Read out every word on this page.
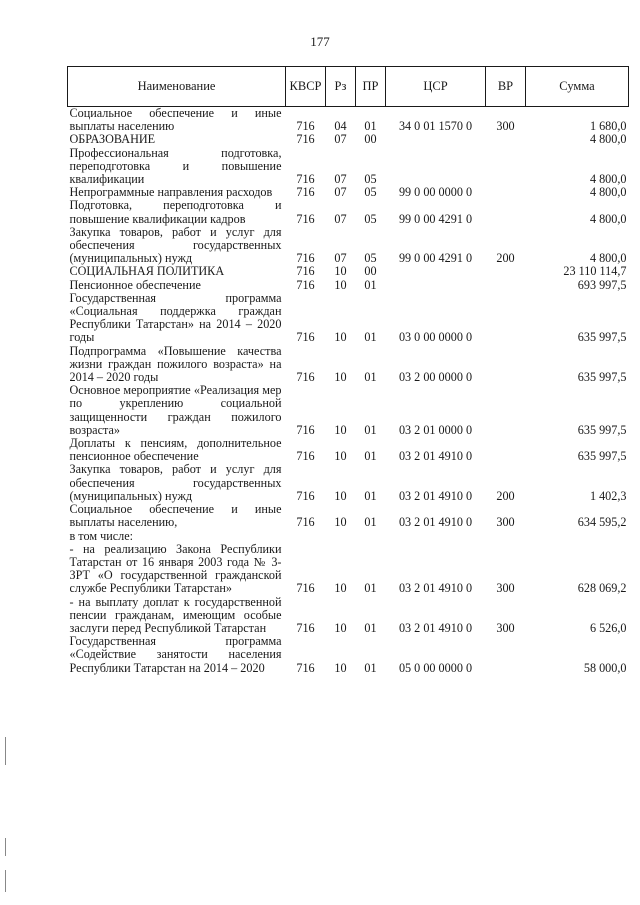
177
Наименование	КВСР	Рз	ПР	ЦСР	ВР	Сумма
Социальное обеспечение и иные выплаты населению	716	04	01	34 0 01 1570 0	300	1 680,0
ОБРАЗОВАНИЕ	716	07	00			4 800,0
Профессиональная подготовка, переподготовка и повышение квалификации	716	07	05			4 800,0
Непрограммные направления расходов	716	07	05	99 0 00 0000 0		4 800,0
Подготовка, переподготовка и повышение квалификации кадров	716	07	05	99 0 00 4291 0		4 800,0
Закупка товаров, работ и услуг для обеспечения государственных (муниципальных) нужд	716	07	05	99 0 00 4291 0	200	4 800,0
СОЦИАЛЬНАЯ ПОЛИТИКА	716	10	00			23 110 114,7
Пенсионное обеспечение	716	10	01			693 997,5
Государственная программа «Социальная поддержка граждан Республики Татарстан» на 2014 – 2020 годы	716	10	01	03 0 00 0000 0		635 997,5
Подпрограмма «Повышение качества жизни граждан пожилого возраста» на 2014 – 2020 годы	716	10	01	03 2 00 0000 0		635 997,5
Основное мероприятие «Реализация мер по укреплению социальной защищенности граждан пожилого возраста»	716	10	01	03 2 01 0000 0		635 997,5
Доплаты к пенсиям, дополнительное пенсионное обеспечение	716	10	01	03 2 01 4910 0		635 997,5
Закупка товаров, работ и услуг для обеспечения государственных (муниципальных) нужд	716	10	01	03 2 01 4910 0	200	1 402,3
Социальное обеспечение и иные выплаты населению,	716	10	01	03 2 01 4910 0	300	634 595,2
в том числе:						
- на реализацию Закона Республики Татарстан от 16 января 2003 года № 3-ЗРТ «О государственной гражданской службе Республики Татарстан»	716	10	01	03 2 01 4910 0	300	628 069,2
- на выплату доплат к государственной пенсии гражданам, имеющим особые заслуги перед Республикой Татарстан	716	10	01	03 2 01 4910 0	300	6 526,0
Государственная программа «Содействие занятости населения Республики Татарстан на 2014 – 2020	716	10	01	05 0 00 0000 0		58 000,0
